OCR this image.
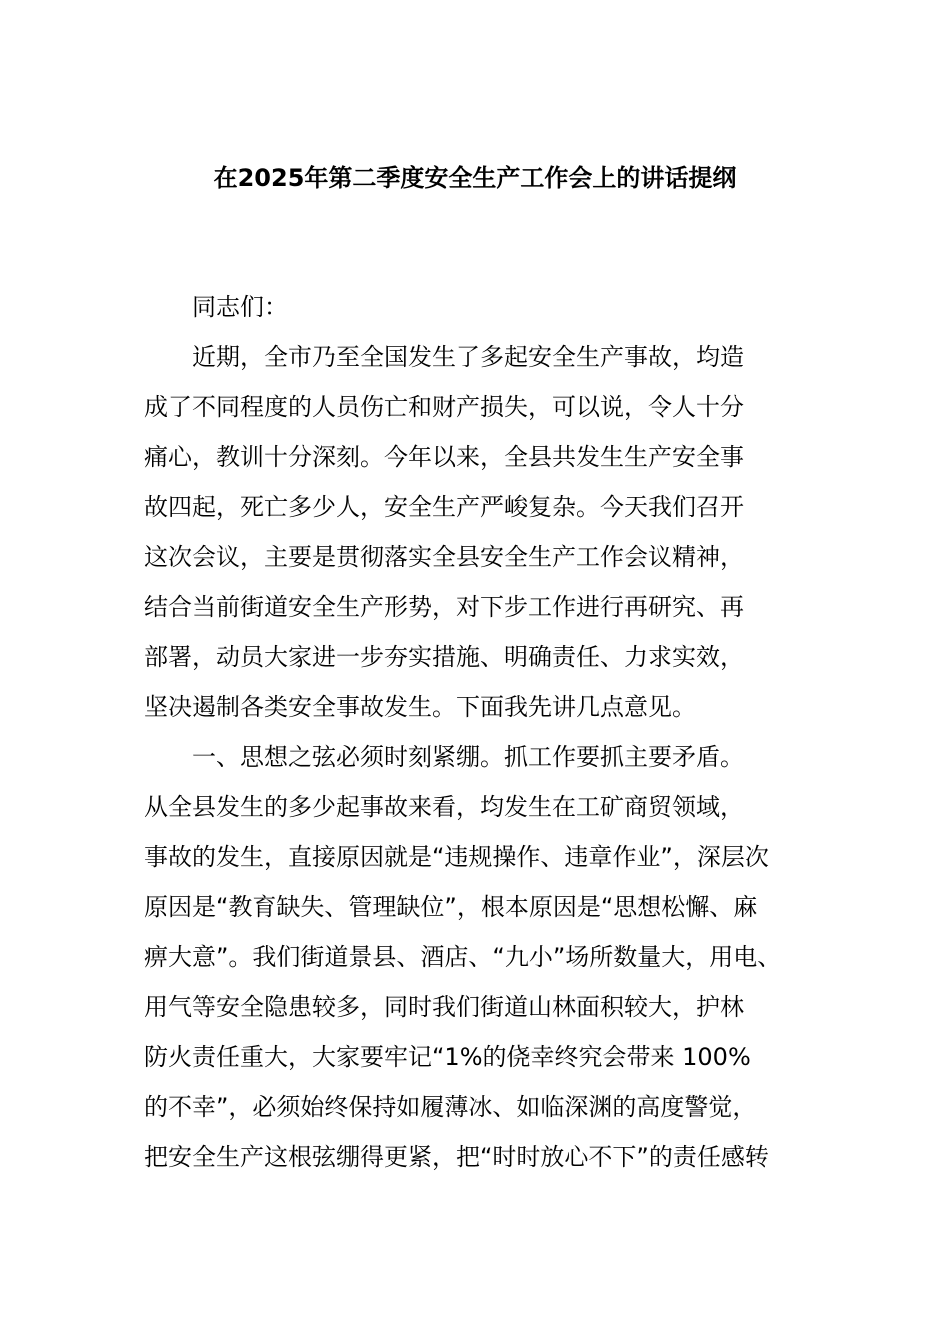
在2025年第二季度安全生产工作会上的讲话提纲
　　同志们：
　　近期，全市乃至全国发生了多起安全生产事故，均造
成了不同程度的人员伤亡和财产损失，可以说，令人十分
痛心，教训十分深刻。今年以来，全县共发生生产安全事
故四起，死亡多少人，安全生产严峻复杂。今天我们召开
这次会议，主要是贯彻落实全县安全生产工作会议精神，
结合当前街道安全生产形势，对下步工作进行再研究、再
部署，动员大家进一步夯实措施、明确责任、力求实效，
坚决遏制各类安全事故发生。下面我先讲几点意见。
　　一、思想之弦必须时刻紧绷。抓工作要抓主要矛盾。
从全县发生的多少起事故来看，均发生在工矿商贸领域，
事故的发生，直接原因就是“违规操作、违章作业”，深层次
原因是“教育缺失、管理缺位”，根本原因是“思想松懈、麻
痹大意”。我们街道景县、酒店、“九小”场所数量大，用电、
用气等安全隐患较多，同时我们街道山林面积较大，护林
防火责任重大，大家要牢记“1%的侥幸终究会带来 100%
的不幸”，必须始终保持如履薄冰、如临深渊的高度警觉，
把安全生产这根弦绷得更紧，把“时时放心不下”的责任感转
